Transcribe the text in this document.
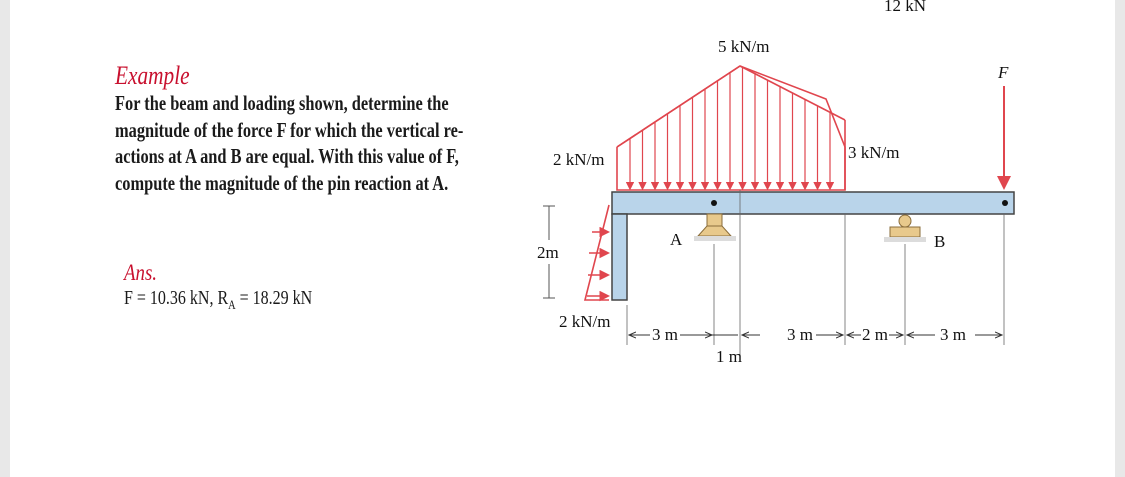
Example
For the beam and loading shown, determine the
magnitude of the force F for which the vertical re-
actions at A and B are equal. With this value of F,
compute the magnitude of the pin reaction at A.
Ans.
F = 10.36 kN, $R_A = 18.29$ kN
12 kN
5 kN/m
2 kN/m	3 kN/m
2 kN/m
2m
A	B
F
3 m
1 m
3 m	2 m	3 m
